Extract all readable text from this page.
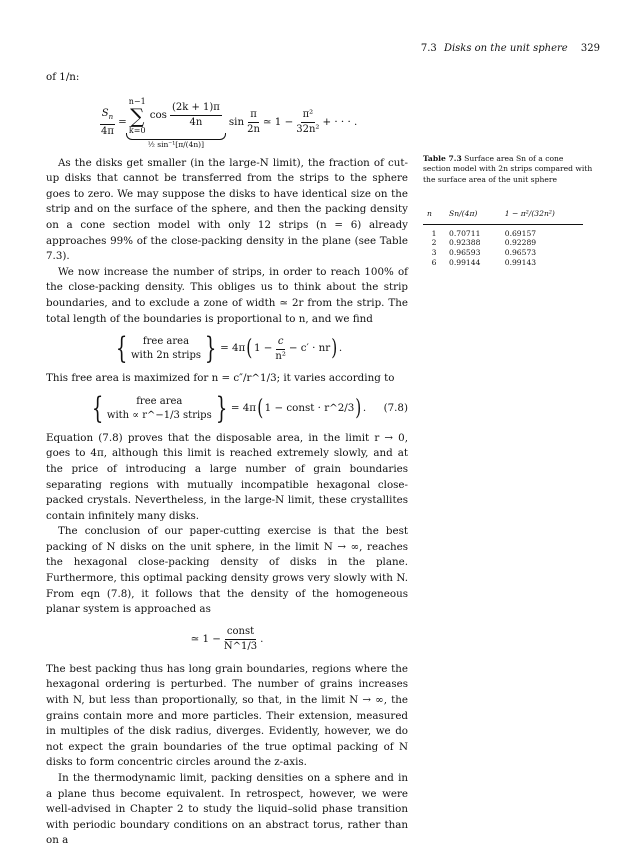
7.3 Disks on the unit sphere 329

of 1/n:

$\frac{S_n}{4\pi}$ =
n−1
∑
k=0
$\cos \frac{(2k + 1)\pi}{4n}$
½ sin⁻¹[π/(4n)]
$\sin \frac{\pi}{2n}$ ≃ $1 - \frac{\text{π²}}{\text{32n²}}$ + · · · .

As the disks get smaller (in the large-N limit), the fraction of cut-up disks that cannot be transferred from the strips to the sphere goes to zero. We may suppose the disks to have identical size on the strip and on the surface of the sphere, and then the packing density on a cone section model with only 12 strips (n = 6) already approaches 99% of the close-packing density in the plane (see Table 7.3).

We now increase the number of strips, in order to reach 100% of the close-packing density. This obliges us to think about the strip boundaries, and to exclude a zone of width ≃ 2r from the strip. The total length of the boundaries is proportional to n, and we find

{ free area
with 2n strips } = 4π ( $1 - \frac{c}{\text{n²}} - c'$ · nr ) .

This free area is maximized for n = c″/r^1/3; it varies according to

{	free area
with ∝ r^−1/3 strips } = 4π ( 1 − const · r^2/3 ) . (7.8)

Equation (7.8) proves that the disposable area, in the limit r → 0, goes to 4π, although this limit is reached extremely slowly, and at the price of introducing a large number of grain boundaries separating regions with mutually incompatible hexagonal close-packed crystals. Nevertheless, in the large-N limit, these crystallites contain infinitely many disks.

The conclusion of our paper-cutting exercise is that the best packing of N disks on the unit sphere, in the limit N → ∞, reaches the hexagonal close-packing density of disks in the plane. Furthermore, this optimal packing density grows very slowly with N. From eqn (7.8), it follows that the density of the homogeneous planar system is approached as

≃ $1 - \frac{\text{const}}{N\^{}1/3}$ .

The best packing thus has long grain boundaries, regions where the hexagonal ordering is perturbed. The number of grains increases with N, but less than proportionally, so that, in the limit N → ∞, the grains contain more and more particles. Their extension, measured in multiples of the disk radius, diverges. Evidently, however, we do not expect the grain boundaries of the true optimal packing of N disks to form concentric circles around the z-axis.

In the thermodynamic limit, packing densities on a sphere and in a plane thus become equivalent. In retrospect, however, we were well-advised in Chapter 2 to study the liquid–solid phase transition with periodic boundary conditions on an abstract torus, rather than on a

Table 7.3 Surface area Sn of a cone section model with 2n strips compared with the surface area of the unit sphere
n	Sn/(4π)	1 − π²/(32n²)
1	0.70711	0.69157
2	0.92388	0.92289
3	0.96593	0.96573
6	0.99144	0.99143
